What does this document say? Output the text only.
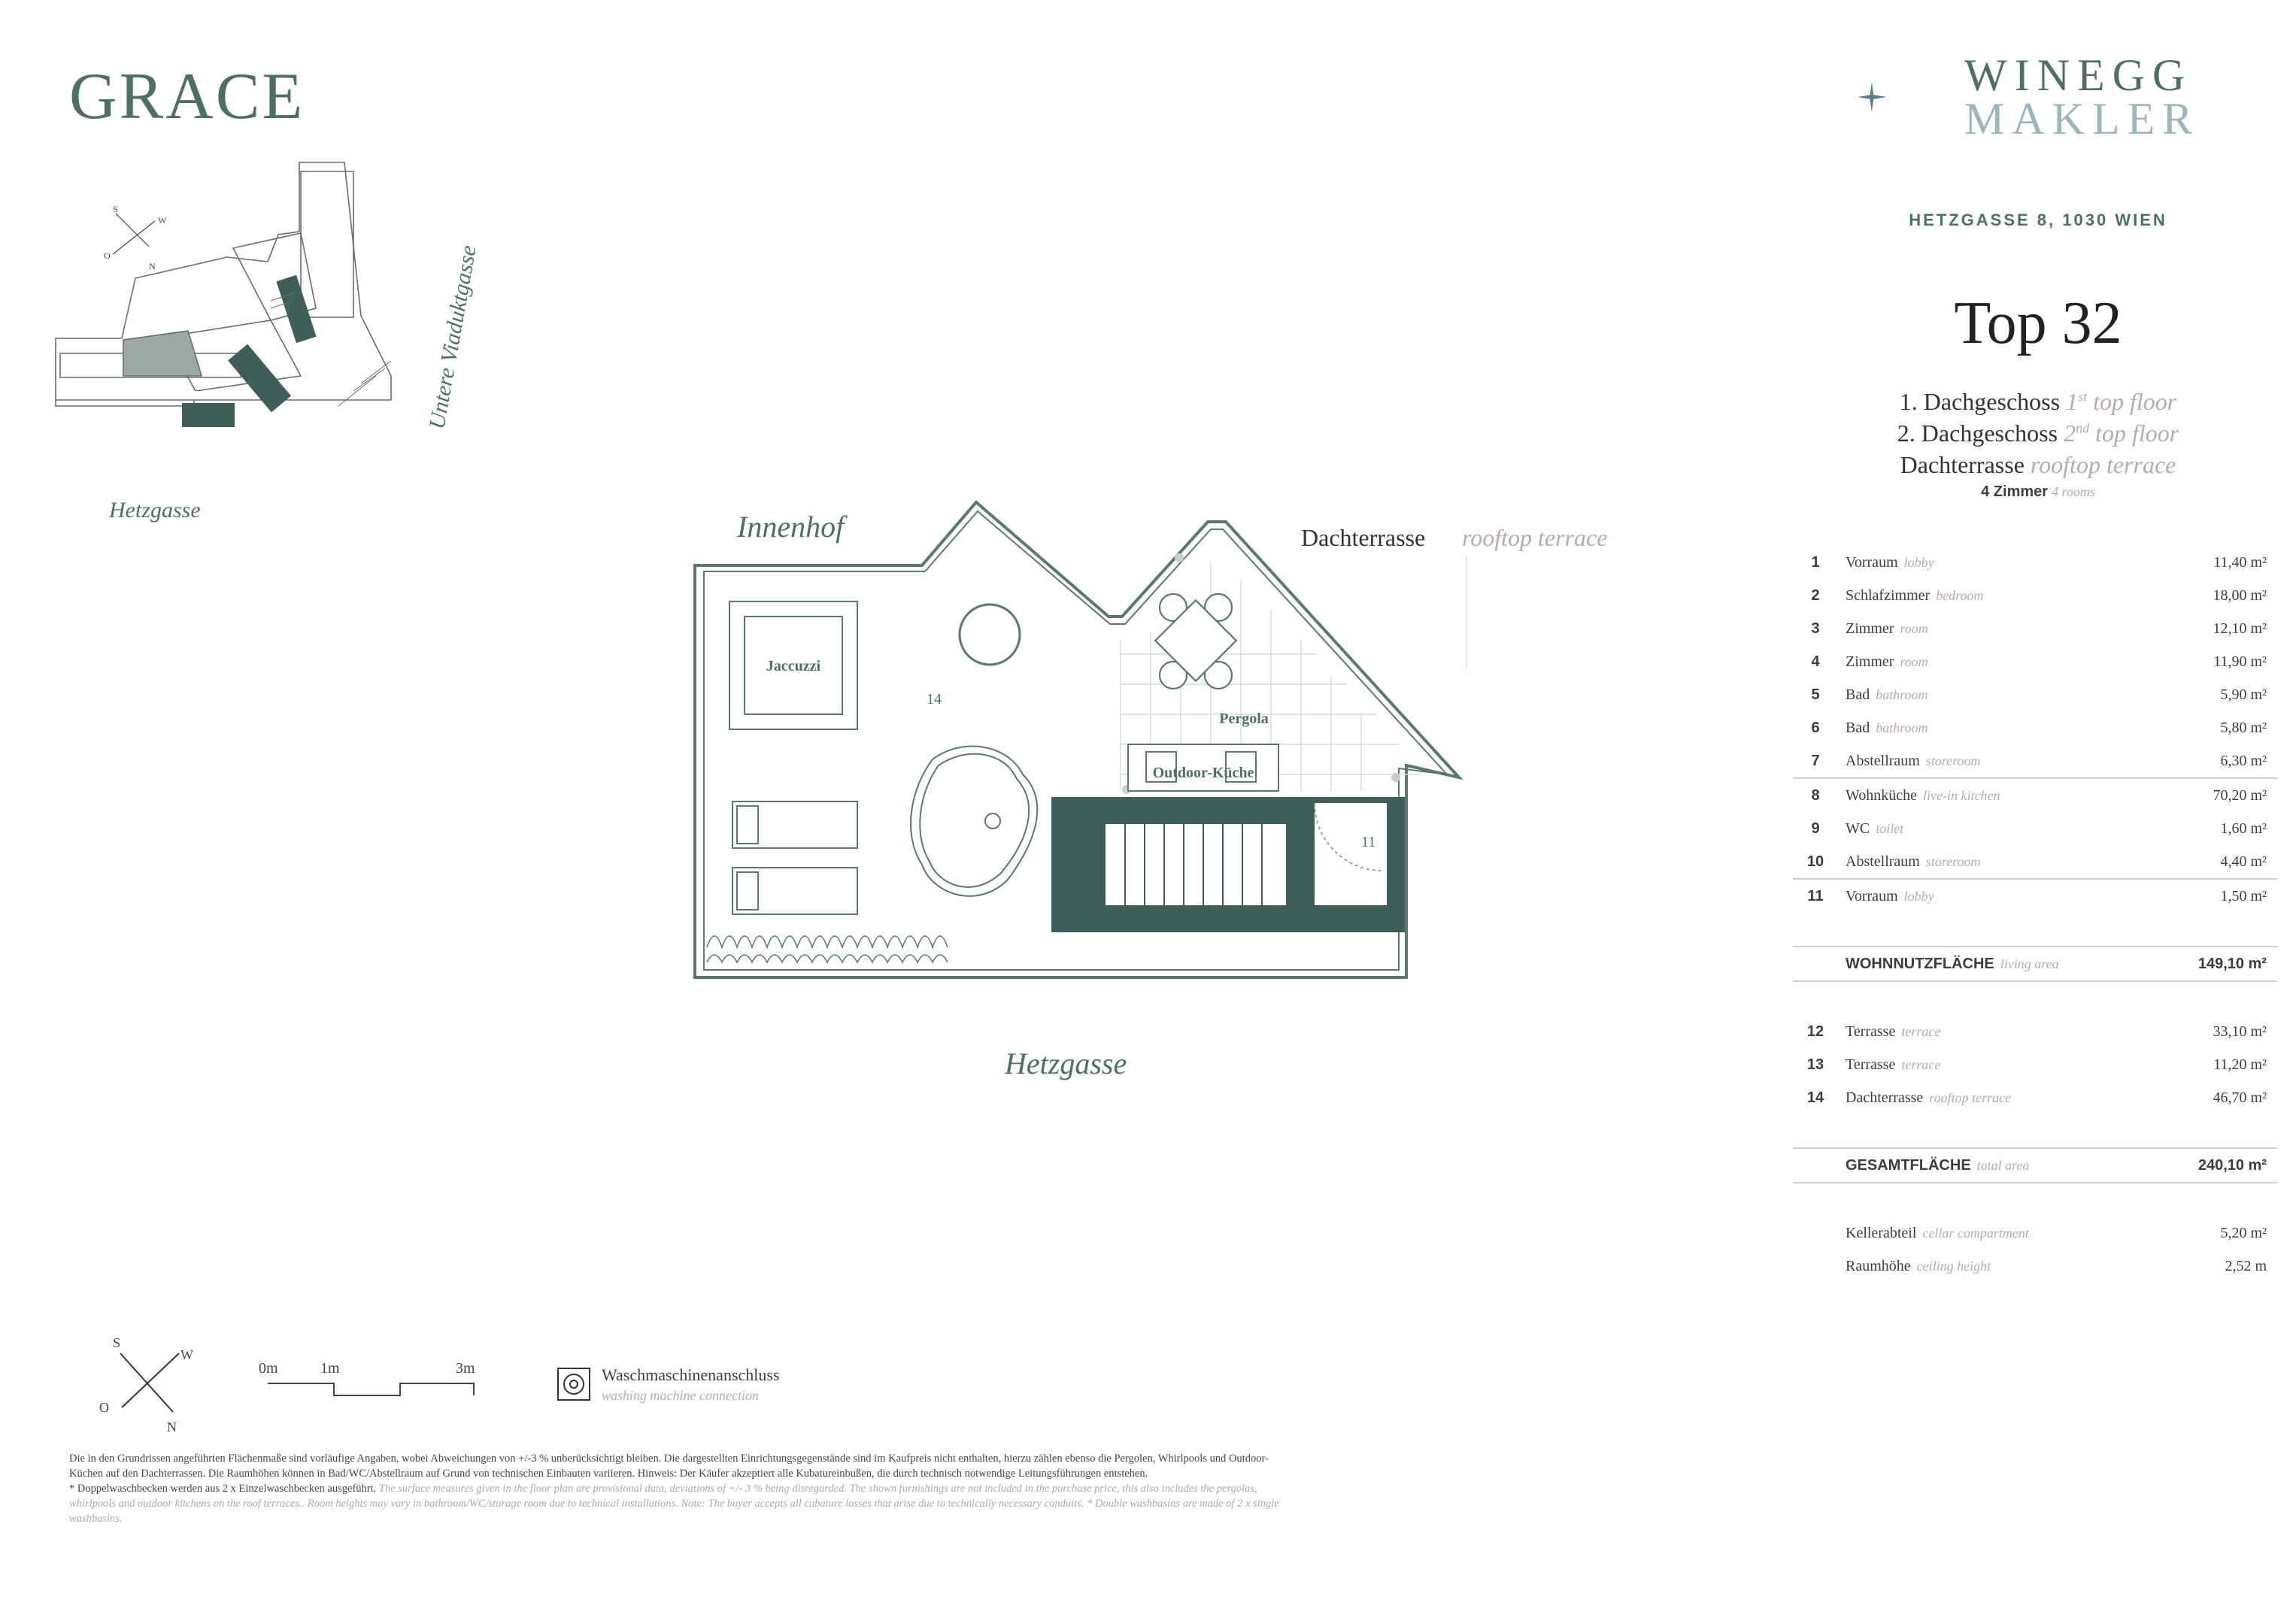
GRACE	WINEGG
MAKLER
HETZGASSE 8, 1030 WIEN
Top 32
1. Dachgeschoss 1st top floor
2. Dachgeschoss 2nd top floor
Dachterrasse rooftop terrace
4 Zimmer 4 rooms
1	Vorraum lobby	11,40 m²
2	Schlafzimmer bedroom	18,00 m²
3	Zimmer room	12,10 m²
4	Zimmer room	11,90 m²
5	Bad bathroom	5,90 m²
6	Bad bathroom	5,80 m²
7	Abstellraum storeroom	6,30 m²
8	Wohnküche live-in kitchen	70,20 m²
9	WC toilet	1,60 m²
10	Abstellraum storeroom	4,40 m²
11	Vorraum lobby	1,50 m²

	WOHNNUTZFLÄCHE living area	149,10 m²

12	Terrasse terrace	33,10 m²
13	Terrasse terrace	11,20 m²
14	Dachterrasse rooftop terrace	46,70 m²

	GESAMTFLÄCHE total area	240,10 m²

	Kellerabteil cellar compartment	5,20 m²
	Raumhöhe ceiling height	2,52 m
Hetzgasse
Untere Viaduktgasse
S
W
O
N
Jaccuzzi
14
Pergola
Outdoor-Küche
11
Innenhof	Dachterrasse rooftop terrace
Hetzgasse
S
W
O
N
0m	1m	3m	Waschmaschinenanschluss
washing machine connection
Die in den Grundrissen angeführten Flächenmaße sind vorläufige Angaben, wobei Abweichungen von +/-3 % unberücksichtigt bleiben. Die dargestellten Einrichtungsgegenstände sind im Kaufpreis nicht enthalten, hierzu zählen ebenso die Pergolen, Whirlpools und Outdoor-Küchen auf den Dachterrassen. Die Raumhöhen können in Bad/WC/Abstellraum auf Grund von technischen Einbauten variieren. Hinweis: Der Käufer akzeptiert alle Kubatureinbußen, die durch technisch notwendige Leitungsführungen entstehen.
* Doppelwaschbecken werden aus 2 x Einzelwaschbecken ausgeführt. The surface measures given in the floor plan are provisional data, deviations of +/- 3 % being disregarded. The shown furnishings are not included in the purchase price, this also includes the pergolas, whirlpools and outdoor kitchens on the roof terraces.. Room heights may vary in bathroom/WC/storage room due to technical installations. Note: The buyer accepts all cubature losses that arise due to technically necessary conduits. * Double washbasins are made of 2 x single washbasins.
